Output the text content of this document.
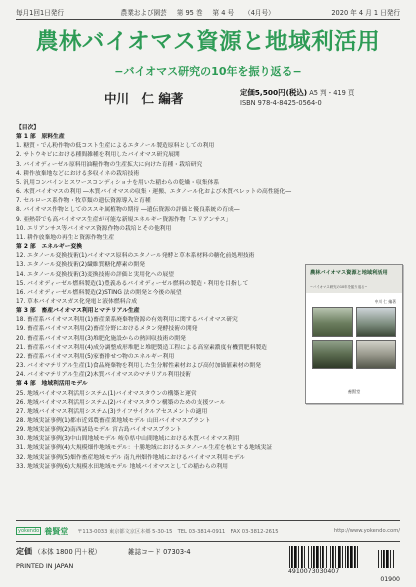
毎月1回1日発行	農業および園芸 第 95 巻 第 4 号 （4月号）	2020 年 4 月 1 日発行
農林バイオマス資源と地域利活用
−バイオマス研究の10年を振り返る−
中川　仁 編著	定価5,500円(税込) A5 判・419 頁
ISBN 978-4-8425-0564-0
【目次】
第 1 部　原料生産
1. 糖質・でん粉作物の低コスト生産によるエタノール製造原料としての利用
2. サトウキビにおける種間雑種を利用したバイオマス研究展開
3. バイオディーゼル原料用油糧作物の生産拡大に向けた育種・栽培研究
4. 耕作放棄地などにおける多収イネの栽培技術
5. 汎用コンバインとスワースコンディショナを用いた稲わらの乾燥・収集体系
6. 木質バイオマスの利用 ―木質バイオマスの収集・運搬、エタノール化および木質ペレットの高性能化―
7. セルロース系作物・牧草類の遺伝資源導入と育種
8. バイオマス作物としてのススキ属植物の期待 ―遺伝資源の評価と優良系統の育成―
9. 亜熱帯でも高バイオマス生産が可能な新規エネルギー資源作物「エリアンサス」
10. エリアンサス等バイオマス資源作物の栽培とその他利用
11. 耕作放棄地の再生と資源作物生産
第 2 部　エネルギー変換
12. エタノール変換技術(1)バイオマス原料のエタノール発酵と草本系材料の糖化前処理技術
13. エタノール変換技術(2)繊維質糖化酵素の開発
14. エタノール変換技術(3)変換技術の評価と実用化への展望
15. バイオディーゼル燃料製造(1)豊義あるバイオディーゼル燃料の製造・利用を目指して
16. バイオディーゼル燃料製造(2)STING 法の開発と今後の展望
17. 草本バイオマスガス化発電と液体燃料合成
第 3 部　畜産バイオマス利用とマテリアル生産
18. 畜産系バイオマス利用(1)畜産業系廃棄物資源の有効利用に関するバイオマス研究
19. 畜産系バイオマス利用(2)畜産分野におけるメタン発酵技術の開発
20. 畜産系バイオマス利用(3)堆肥化施設からの熱回収技術の開発
21. 畜産系バイオマス利用(4)成分調整成形堆肥と堆肥製造工程による高窒素濃度有機質肥料製造
22. 畜産系バイオマス利用(5)家畜排せつ物のエネルギー利用
23. バイオマテリアル生産(1)食品廃棄物を利用した生分解性素材および高付加価値素材の開発
24. バイオマテリアル生産(2)木質バイオマスのマテリアル利用技術
第 4 部　地域利活用モデル
25. 地域バイオマス利活用システム(1)バイオマスタウンの構築と運営
26. 地域バイオマス利活用システム(2)バイオマスタウン構築のための支援ツール
27. 地域バイオマス利活用システム(3)ライフサイクルアセスメントの適用
28. 地域実証事例(1)都市近郊農畜産業地域モデル 山田バイオマスプラント
29. 地域実証事例(2)南西諸島モデル 宮古島バイオマスプラント
30. 地域実証事例(3)中山間地域モデル 岐阜県中山間地域における木質バイオマス利用
31. 地域実証事例(4)大規模畑作地域モデル：十勝地域におけるエタノール生産を核とする地域実証
32. 地域実証事例(5)畑作畜産地域モデル 南九州畑作地域におけるバイオマス利用モデル
33. 地域実証事例(6)大規模水田地域モデル 地域バイオマスとしての稲わらの利用
農林バイオマス資源と地域利活用
−バイオマス研究の10年を振り返る−
中川 仁 編著
養賢堂
yokendo 養賢堂 〒113-0033 東京都文京区本郷 5-30-15　TEL 03-3814-0911　FAX 03-3812-2615	http://www.yokendo.com/
定価 （本体 1800 円＋税）	雑誌コード 07303-4
PRINTED IN JAPAN
4910073030407
01900
